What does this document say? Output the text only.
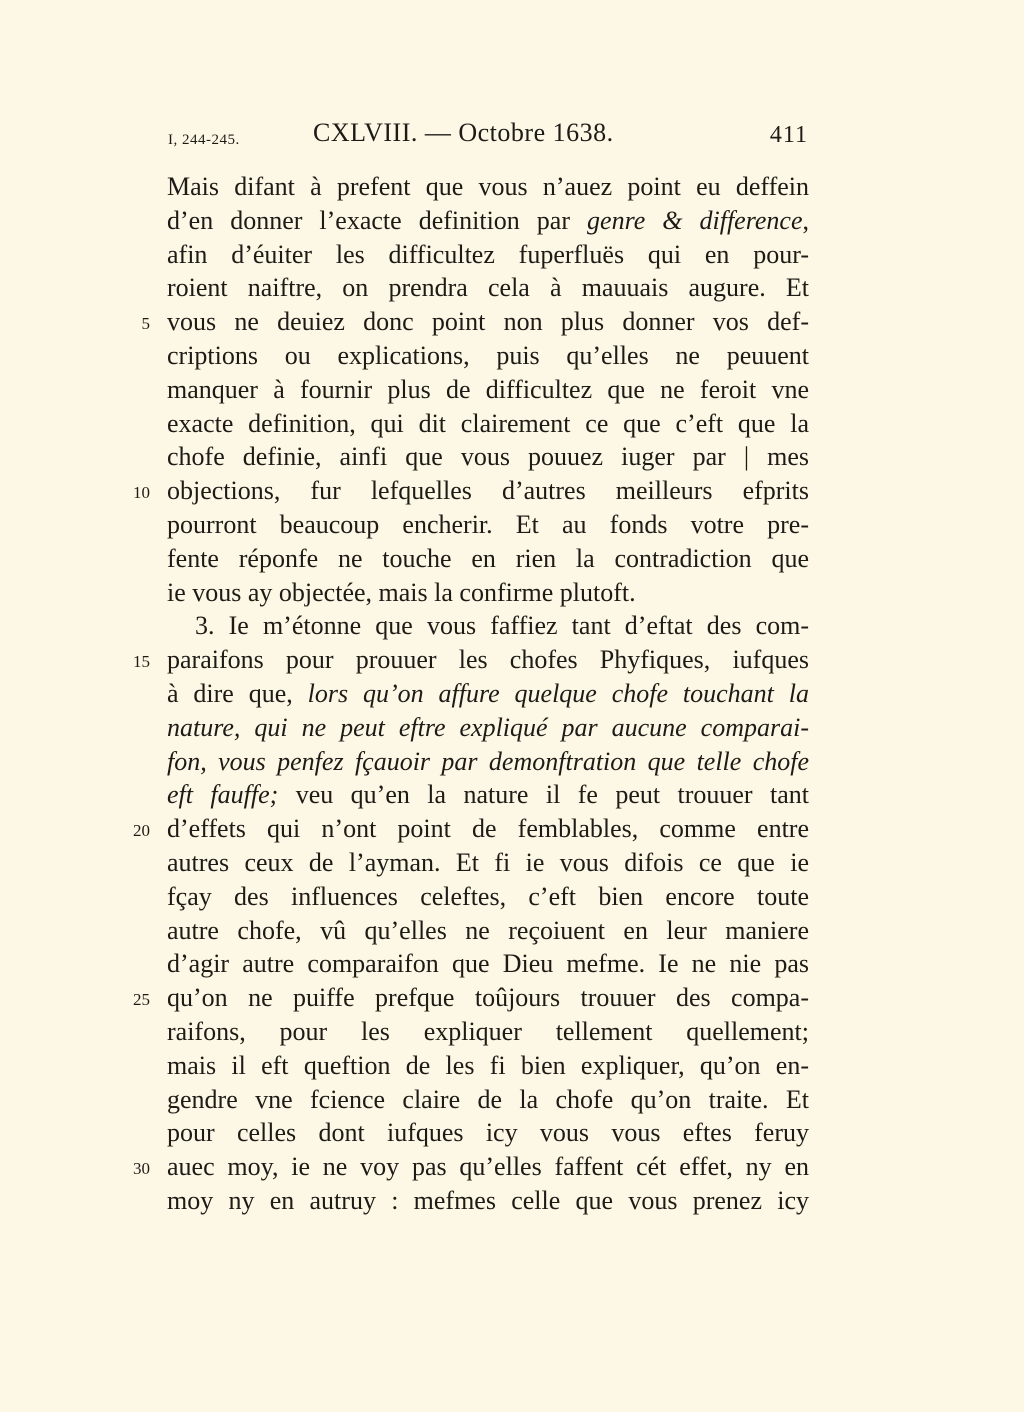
I, 244-245.	CXLVIII. — Octobre 1638.	411
Mais difant à prefent que vous n’auez point eu deffein
d’en donner l’exacte definition par genre & difference,
afin d’éuiter les difficultez fuperfluës qui en pour-
roient naiftre, on prendra cela à mauuais augure. Et
5 vous ne deuiez donc point non plus donner vos def-
criptions ou explications, puis qu’elles ne peuuent
manquer à fournir plus de difficultez que ne feroit vne
exacte definition, qui dit clairement ce que c’eft que la
chofe definie, ainfi que vous pouuez iuger par | mes
10 objections, fur lefquelles d’autres meilleurs efprits
pourront beaucoup encherir. Et au fonds votre pre-
fente réponfe ne touche en rien la contradiction que
ie vous ay objectée, mais la confirme plutoft.
3. Ie m’étonne que vous faffiez tant d’eftat des com-
15 paraifons pour prouuer les chofes Phyfiques, iufques
à dire que, lors qu’on affure quelque chofe touchant la
nature, qui ne peut eftre expliqué par aucune comparai-
fon, vous penfez fçauoir par demonftration que telle chofe
eft fauffe; veu qu’en la nature il fe peut trouuer tant
20 d’effets qui n’ont point de femblables, comme entre
autres ceux de l’ayman. Et fi ie vous difois ce que ie
fçay des influences celeftes, c’eft bien encore toute
autre chofe, vû qu’elles ne reçoiuent en leur maniere
d’agir autre comparaifon que Dieu mefme. Ie ne nie pas
25 qu’on ne puiffe prefque toûjours trouuer des compa-
raifons, pour les expliquer tellement quellement;
mais il eft queftion de les fi bien expliquer, qu’on en-
gendre vne fcience claire de la chofe qu’on traite. Et
pour celles dont iufques icy vous vous eftes feruy
30 auec moy, ie ne voy pas qu’elles faffent cét effet, ny en
moy ny en autruy : mefmes celle que vous prenez icy
